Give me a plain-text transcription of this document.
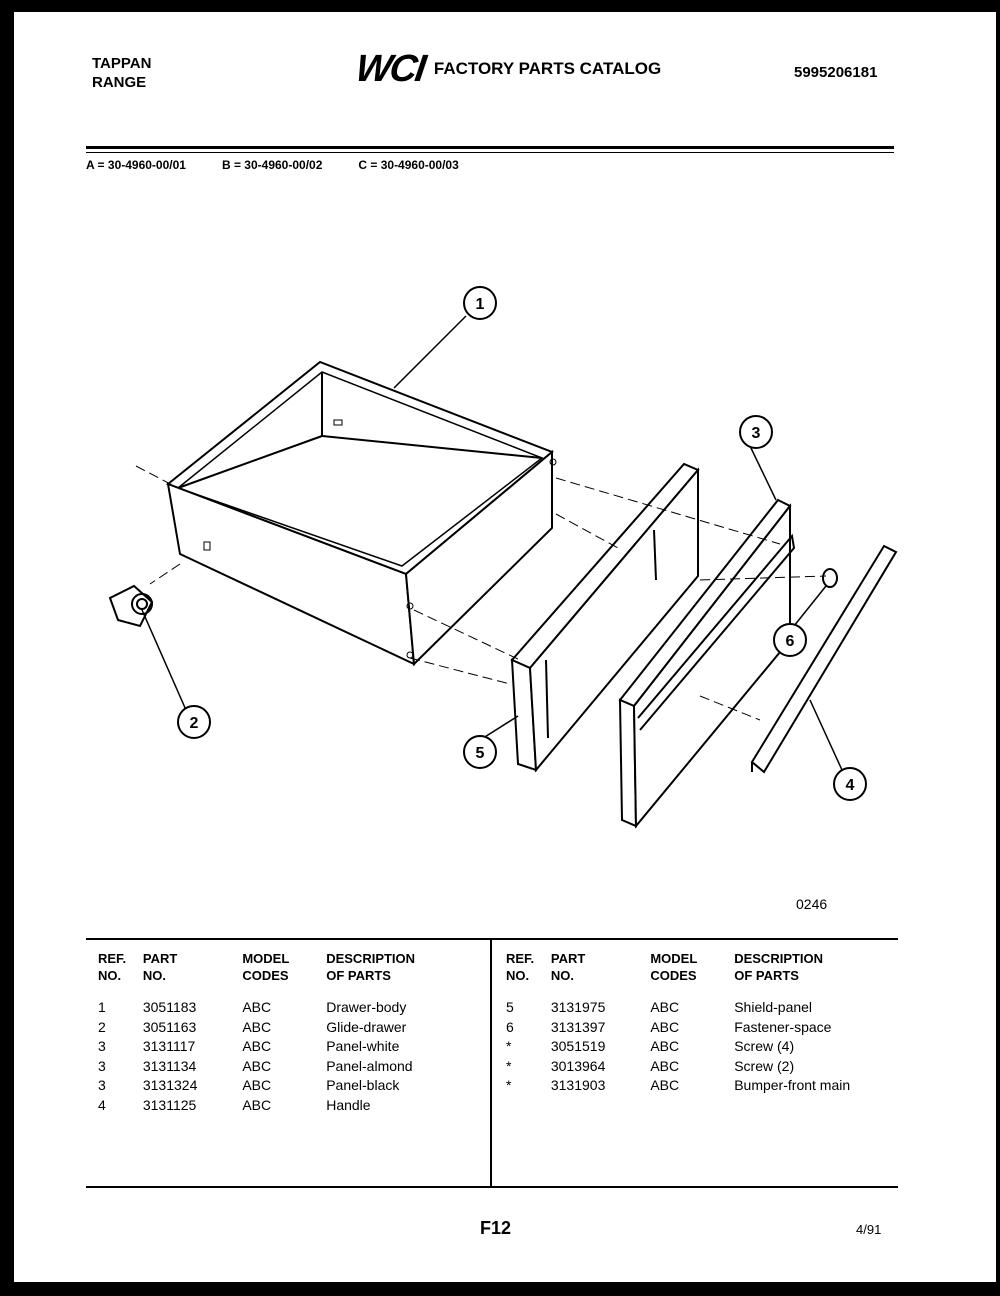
TAPPAN
RANGE	WCI FACTORY PARTS CATALOG	5995206181
A = 30-4960-00/01	B = 30-4960-00/02	C = 30-4960-00/03
1
2
3
4
5
6
0246
REF.
NO.
PART
NO.
MODEL
CODES
DESCRIPTION
OF PARTS
1	3051183	ABC	Drawer-body
2	3051163	ABC	Glide-drawer
3	3131117	ABC	Panel-white
3	3131134	ABC	Panel-almond
3	3131324	ABC	Panel-black
4	3131125	ABC	Handle
REF.
NO.
PART
NO.
MODEL
CODES
DESCRIPTION
OF PARTS
5	3131975	ABC	Shield-panel
6	3131397	ABC	Fastener-space
*	3051519	ABC	Screw (4)
*	3013964	ABC	Screw (2)
*	3131903	ABC	Bumper-front main
F12	4/91
